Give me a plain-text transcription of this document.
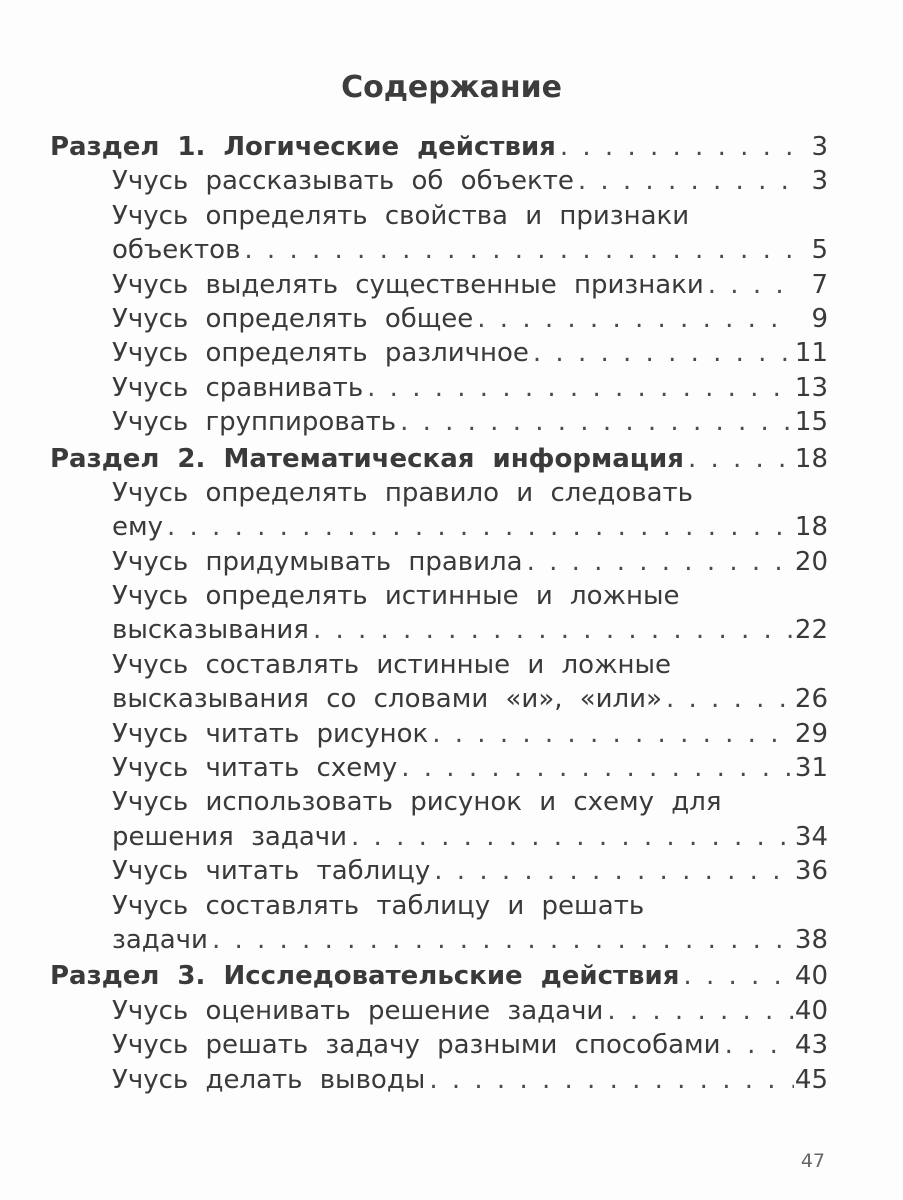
Содержание
Раздел 1. Логические действия . . .	3
Учусь рассказывать об объекте . . .	3
Учусь определять свойства и признаки
объектов . . .	5
Учусь выделять существенные признаки . . .	7
Учусь определять общее . . .	9
Учусь определять различное . . .	11
Учусь сравнивать . . .	13
Учусь группировать . . .	15
Раздел 2. Математическая информация . . .	18
Учусь определять правило и следовать
ему . . .	18
Учусь придумывать правила . . .	20
Учусь определять истинные и ложные
высказывания . . .	22
Учусь составлять истинные и ложные
высказывания со словами «и», «или» . . .	26
Учусь читать рисунок . . .	29
Учусь читать схему . . .	31
Учусь использовать рисунок и схему для
решения задачи . . .	34
Учусь читать таблицу . . .	36
Учусь составлять таблицу и решать
задачи . . .	38
Раздел 3. Исследовательские действия . . .	40
Учусь оценивать решение задачи . . .	40
Учусь решать задачу разными способами . . .	43
Учусь делать выводы . . .	45
47
